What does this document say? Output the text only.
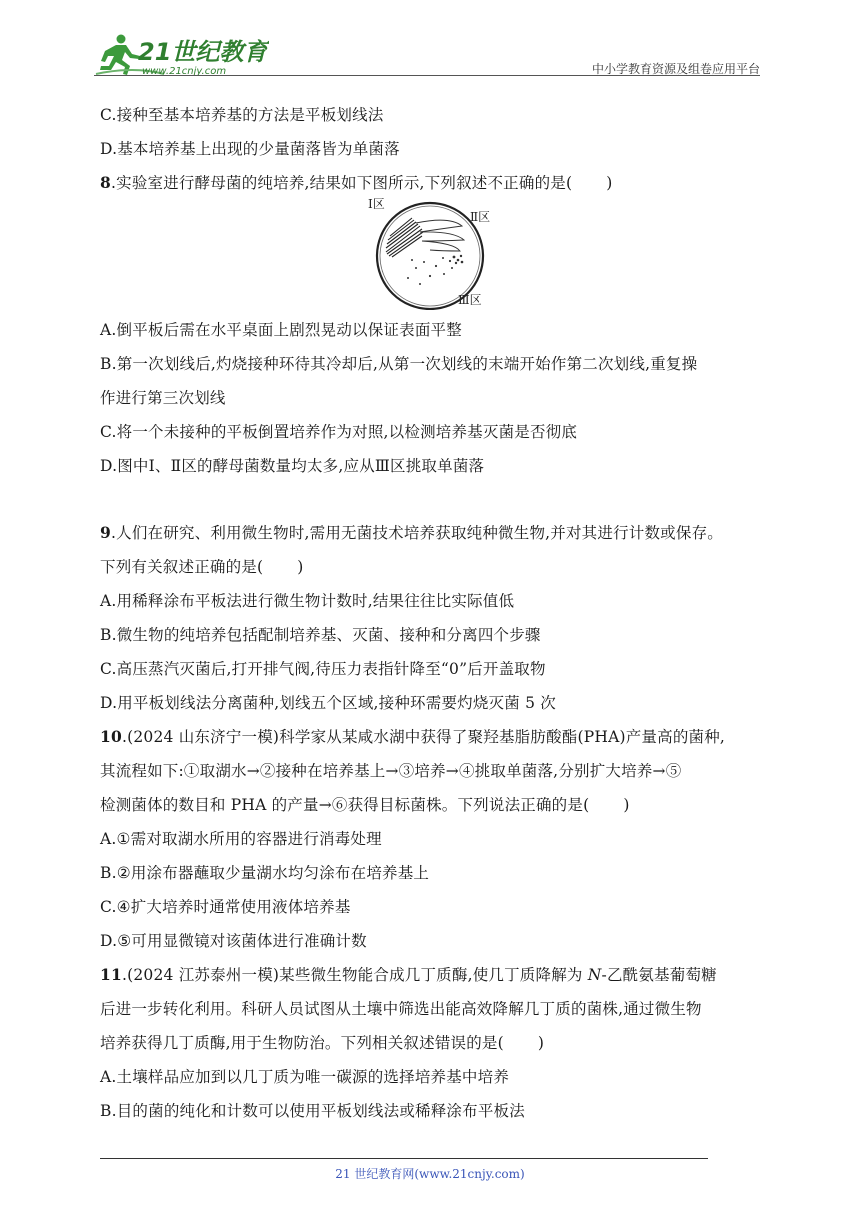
21世纪教育
www.21cnjy.com	中小学教育资源及组卷应用平台
C.接种至基本培养基的方法是平板划线法
D.基本培养基上出现的少量菌落皆为单菌落
8.实验室进行酵母菌的纯培养,结果如下图所示,下列叙述不正确的是( )
Ⅰ区
Ⅱ区
Ⅲ区
A.倒平板后需在水平桌面上剧烈晃动以保证表面平整
B.第一次划线后,灼烧接种环待其冷却后,从第一次划线的末端开始作第二次划线,重复操
作进行第三次划线
C.将一个未接种的平板倒置培养作为对照,以检测培养基灭菌是否彻底
D.图中Ⅰ、Ⅱ区的酵母菌数量均太多,应从Ⅲ区挑取单菌落
9.人们在研究、利用微生物时,需用无菌技术培养获取纯种微生物,并对其进行计数或保存。
下列有关叙述正确的是( )
A.用稀释涂布平板法进行微生物计数时,结果往往比实际值低
B.微生物的纯培养包括配制培养基、灭菌、接种和分离四个步骤
C.高压蒸汽灭菌后,打开排气阀,待压力表指针降至“0”后开盖取物
D.用平板划线法分离菌种,划线五个区域,接种环需要灼烧灭菌 5 次
10.(2024 山东济宁一模)科学家从某咸水湖中获得了聚羟基脂肪酸酯(PHA)产量高的菌种,
其流程如下:①取湖水→②接种在培养基上→③培养→④挑取单菌落,分别扩大培养→⑤
检测菌体的数目和 PHA 的产量→⑥获得目标菌株。下列说法正确的是( )
A.①需对取湖水所用的容器进行消毒处理
B.②用涂布器蘸取少量湖水均匀涂布在培养基上
C.④扩大培养时通常使用液体培养基
D.⑤可用显微镜对该菌体进行准确计数
11.(2024 江苏泰州一模)某些微生物能合成几丁质酶,使几丁质降解为 N-乙酰氨基葡萄糖
后进一步转化利用。科研人员试图从土壤中筛选出能高效降解几丁质的菌株,通过微生物
培养获得几丁质酶,用于生物防治。下列相关叙述错误的是( )
A.土壤样品应加到以几丁质为唯一碳源的选择培养基中培养
B.目的菌的纯化和计数可以使用平板划线法或稀释涂布平板法
21 世纪教育网(www.21cnjy.com)
